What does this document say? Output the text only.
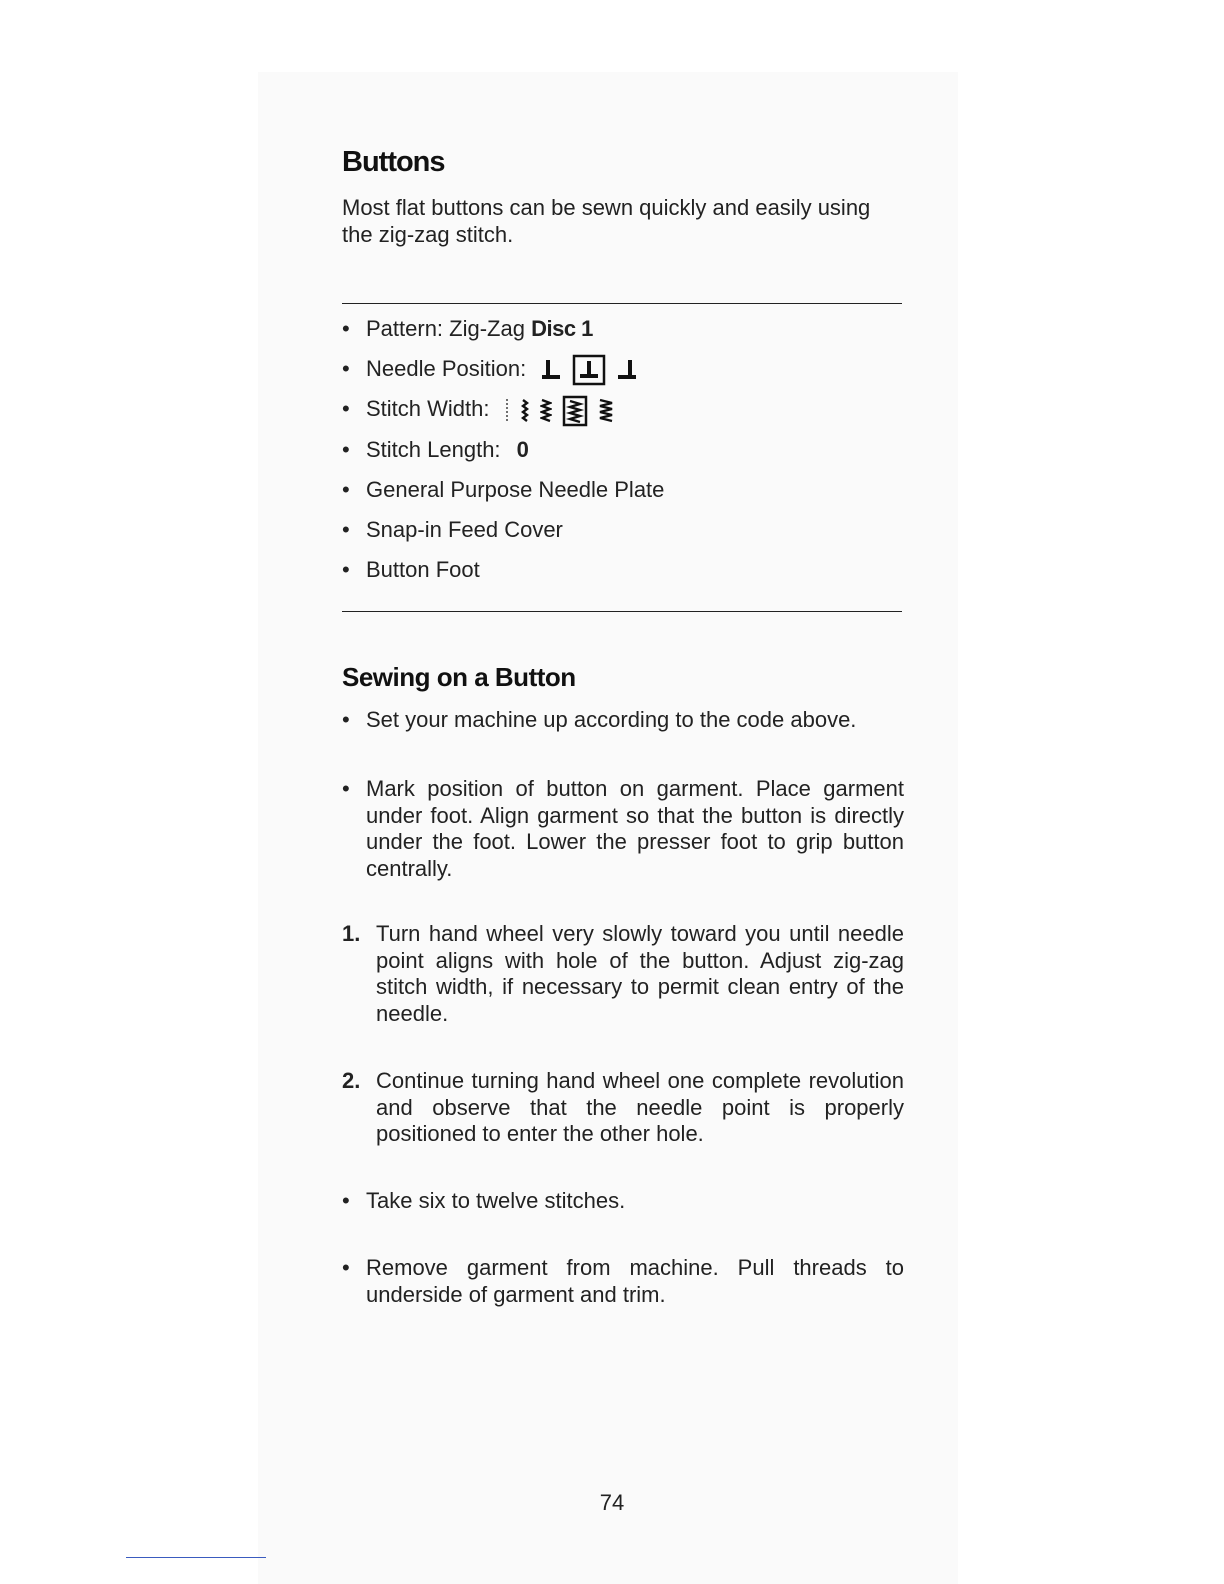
Buttons

Most flat buttons can be sewn quickly and easily using the zig-zag stitch.

• Pattern: Zig-Zag Disc 1
• Needle Position:
• Stitch Width:
• Stitch Length: 0
• General Purpose Needle Plate
• Snap-in Feed Cover
• Button Foot
Sewing on a Button
• Set your machine up according to the code above.
• Mark position of button on garment. Place garment under foot. Align garment so that the button is directly under the foot. Lower the presser foot to grip button centrally.
1. Turn hand wheel very slowly toward you until needle point aligns with hole of the button. Adjust zig-zag stitch width, if necessary to permit clean entry of the needle.
2. Continue turning hand wheel one complete revolution and observe that the needle point is properly positioned to enter the other hole.
• Take six to twelve stitches.
• Remove garment from machine. Pull threads to underside of garment and trim.
74
